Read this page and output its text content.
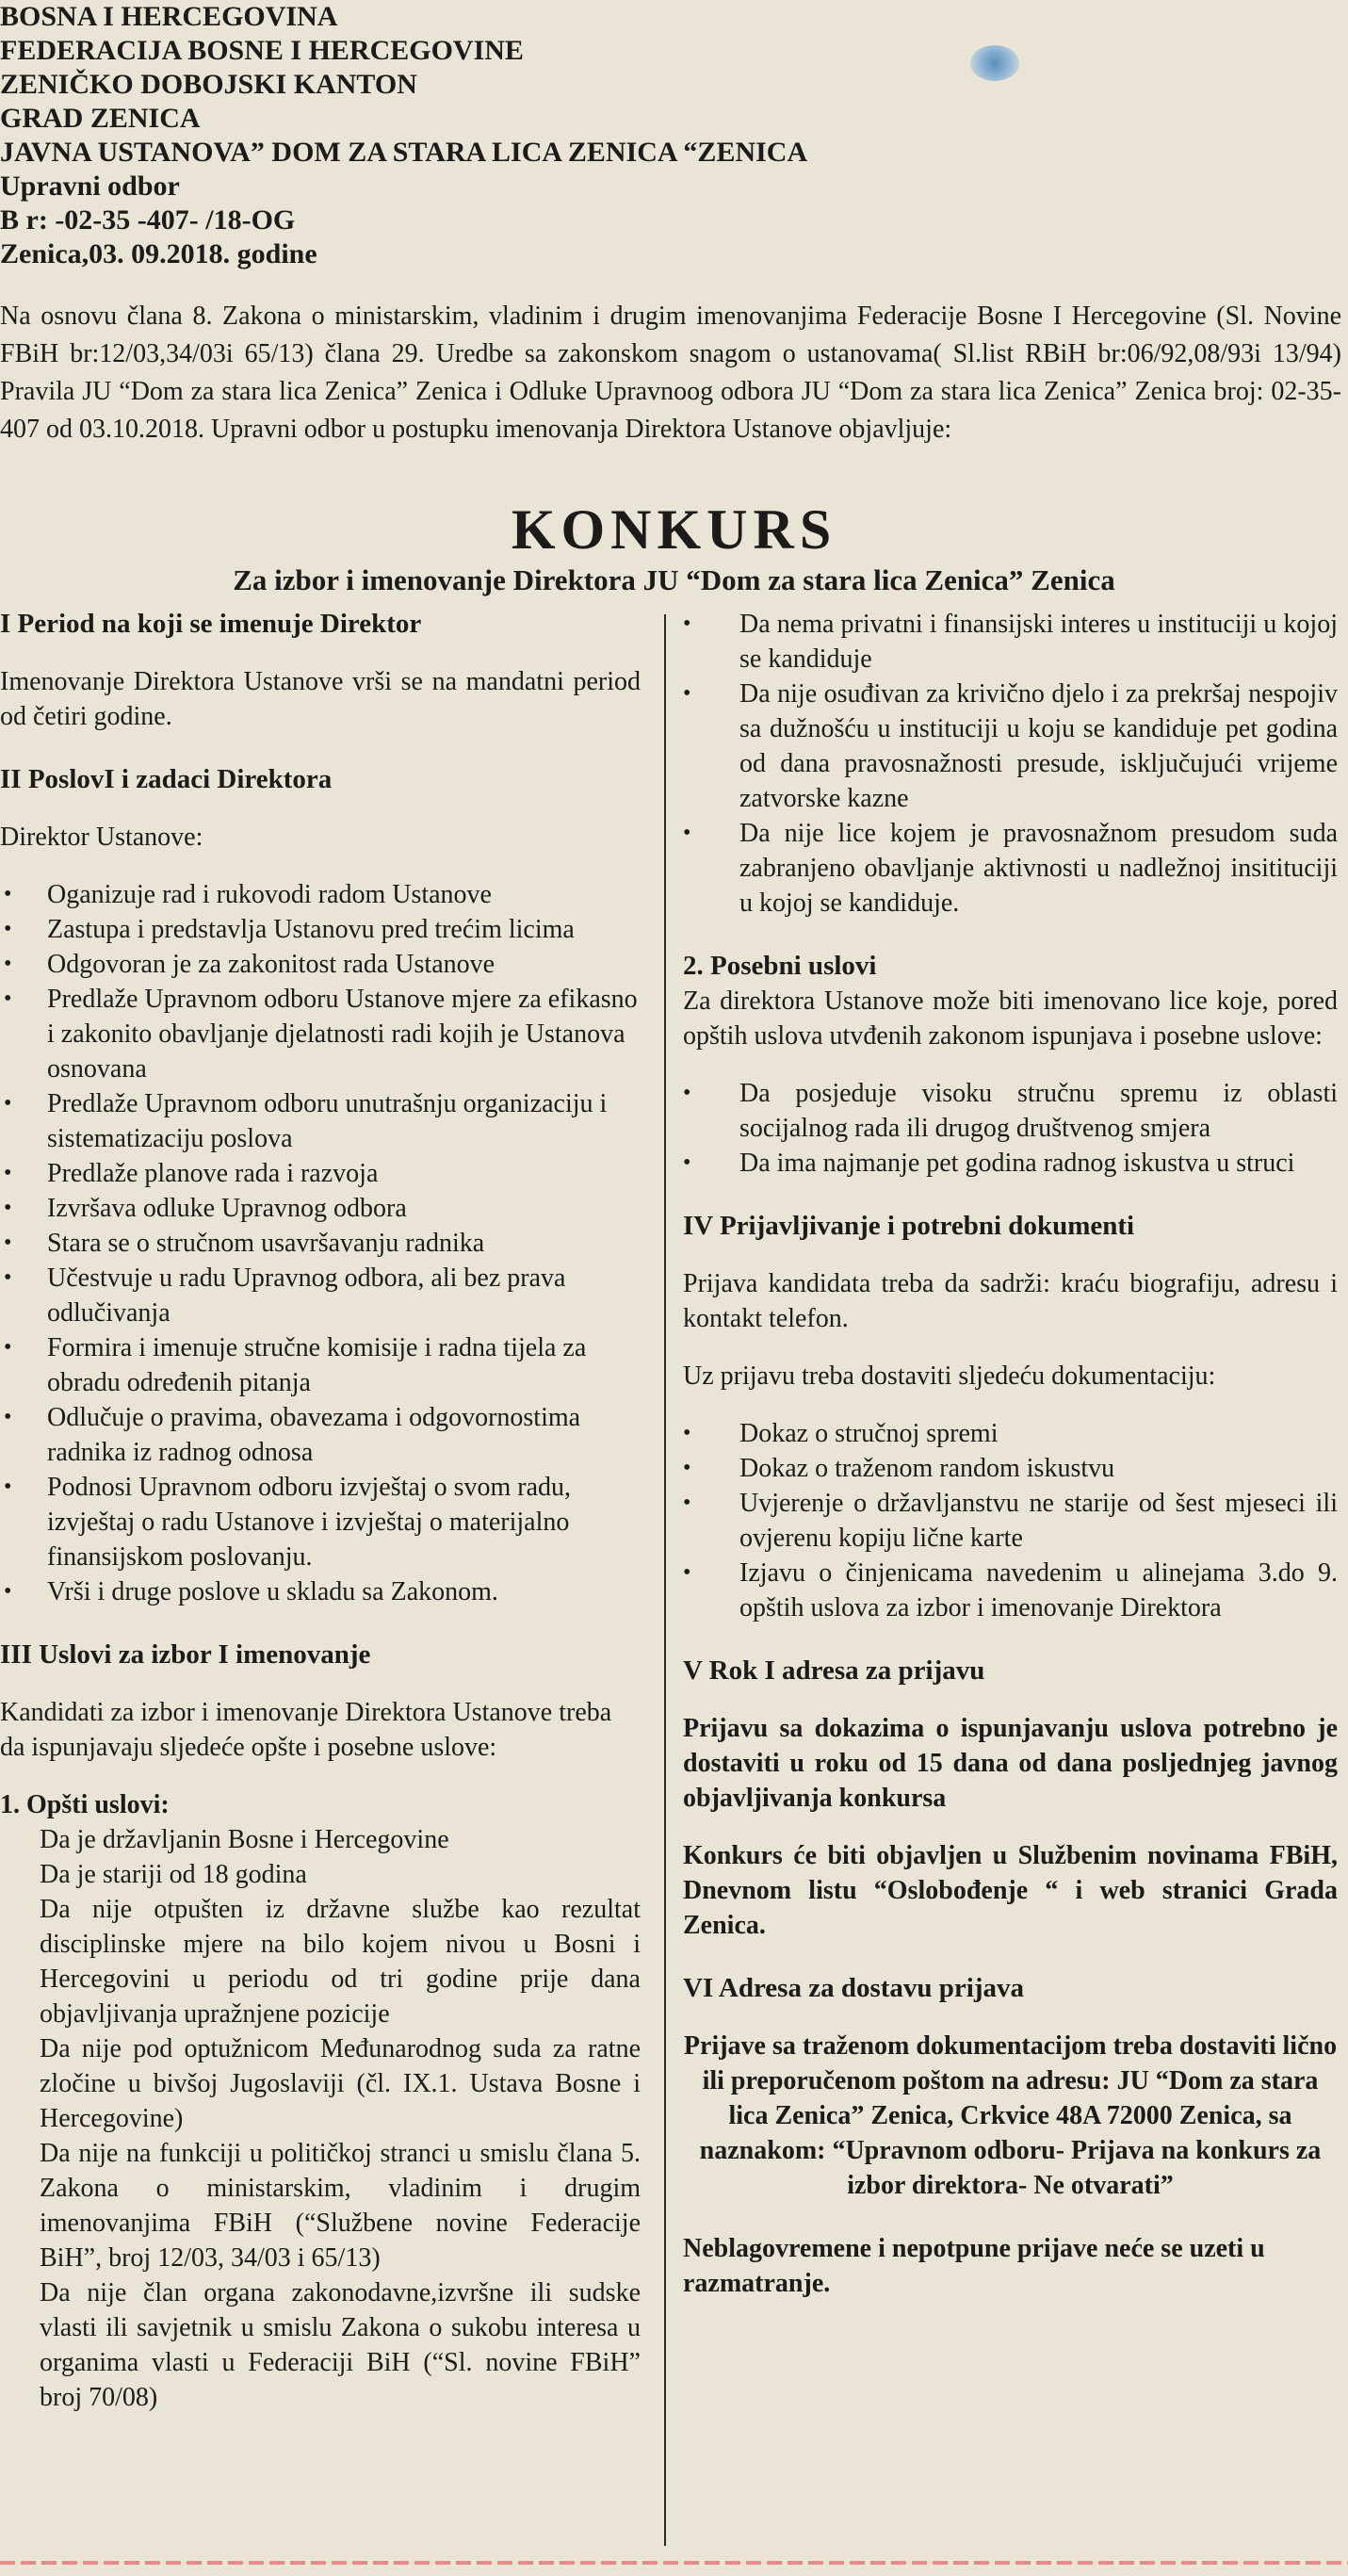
BOSNA I HERCEGOVINA
FEDERACIJA BOSNE I HERCEGOVINE
ZENIČKO DOBOJSKI KANTON
GRAD ZENICA
JAVNA USTANOVA” DOM ZA STARA LICA ZENICA “ZENICA
Upravni odbor
B r: -02-35 -407- /18-OG
Zenica,03. 09.2018. godine

Na osnovu člana 8. Zakona o ministarskim, vladinim i drugim imenovanjima Federacije Bosne I Hercegovine (Sl. Novine FBiH br:12/03,34/03i 65/13) člana 29. Uredbe sa zakonskom snagom o ustanovama( Sl.list RBiH br:06/92,08/93i 13/94) Pravila JU “Dom za stara lica Zenica” Zenica i Odluke Upravnoog odbora JU “Dom za stara lica Zenica” Zenica broj: 02-35-407 od 03.10.2018. Upravni odbor u postupku imenovanja Direktora Ustanove objavljuje:

KONKURS
Za izbor i imenovanje Direktora JU “Dom za stara lica Zenica” Zenica

I Period na koji se imenuje Direktor

Imenovanje Direktora Ustanove vrši se na mandatni period od četiri godine.

II PoslovI i zadaci Direktora

Direktor Ustanove:

• Oganizuje rad i rukovodi radom Ustanove
• Zastupa i predstavlja Ustanovu pred trećim licima
• Odgovoran je za zakonitost rada Ustanove
• Predlaže Upravnom odboru Ustanove mjere za efikasno i zakonito obavljanje djelatnosti radi kojih je Ustanova osnovana
• Predlaže Upravnom odboru unutrašnju organizaciju i sistematizaciju poslova
• Predlaže planove rada i razvoja
• Izvršava odluke Upravnog odbora
• Stara se o stručnom usavršavanju radnika
• Učestvuje u radu Upravnog odbora, ali bez prava odlučivanja
• Formira i imenuje stručne komisije i radna tijela za obradu određenih pitanja
• Odlučuje o pravima, obavezama i odgovornostima radnika iz radnog odnosa
• Podnosi Upravnom odboru izvještaj o svom radu, izvještaj o radu Ustanove i izvještaj o materijalno finansijskom poslovanju.
• Vrši i druge poslove u skladu sa Zakonom.

III Uslovi za izbor I imenovanje

Kandidati za izbor i imenovanje Direktora Ustanove treba da ispunjavaju sljedeće opšte i posebne uslove:

1. Opšti uslovi:

Da je državljanin Bosne i Hercegovine
Da je stariji od 18 godina
Da nije otpušten iz državne službe kao rezultat disciplinske mjere na bilo kojem nivou u Bosni i Hercegovini u periodu od tri godine prije dana objavljivanja upražnjene pozicije
Da nije pod optužnicom Međunarodnog suda za ratne zločine u bivšoj Jugoslaviji (čl. IX.1. Ustava Bosne i Hercegovine)
Da nije na funkciji u političkoj stranci u smislu člana 5. Zakona o ministarskim, vladinim i drugim imenovanjima FBiH (“Službene novine Federacije BiH”, broj 12/03, 34/03 i 65/13)
Da nije član organa zakonodavne,izvršne ili sudske vlasti ili savjetnik u smislu Zakona o sukobu interesa u organima vlasti u Federaciji BiH (“Sl. novine FBiH” broj 70/08)
• Da nema privatni i finansijski interes u instituciji u kojoj se kandiduje
• Da nije osuđivan za krivično djelo i za prekršaj nespojiv sa dužnošću u instituciji u koju se kandiduje pet godina od dana pravosnažnosti presude, isključujući vrijeme zatvorske kazne
• Da nije lice kojem je pravosnažnom presudom suda zabranjeno obavljanje aktivnosti u nadležnoj insitituciji u kojoj se kandiduje.

2. Posebni uslovi

Za direktora Ustanove može biti imenovano lice koje, pored opštih uslova utvđenih zakonom ispunjava i posebne uslove:

• Da posjeduje visoku stručnu spremu iz oblasti socijalnog rada ili drugog društvenog smjera
• Da ima najmanje pet godina radnog iskustva u struci

IV Prijavljivanje i potrebni dokumenti

Prijava kandidata treba da sadrži: kraću biografiju, adresu i kontakt telefon.

Uz prijavu treba dostaviti sljedeću dokumentaciju:

• Dokaz o stručnoj spremi
• Dokaz o traženom random iskustvu
• Uvjerenje o državljanstvu ne starije od šest mjeseci ili ovjerenu kopiju lične karte
• Izjavu o činjenicama navedenim u alinejama 3.do 9. opštih uslova za izbor i imenovanje Direktora

V Rok I adresa za prijavu

Prijavu sa dokazima o ispunjavanju uslova potrebno je dostaviti u roku od 15 dana od dana posljednjeg javnog objavljivanja konkursa

Konkurs će biti objavljen u Službenim novinama FBiH, Dnevnom listu “Oslobođenje “ i web stranici Grada Zenica.

VI Adresa za dostavu prijava

Prijave sa traženom dokumentacijom treba dostaviti lično ili preporučenom poštom na adresu: JU “Dom za stara lica Zenica” Zenica, Crkvice 48A 72000 Zenica, sa naznakom: “Upravnom odboru- Prijava na konkurs za izbor direktora- Ne otvarati”

Neblagovremene i nepotpune prijave neće se uzeti u razmatranje.
